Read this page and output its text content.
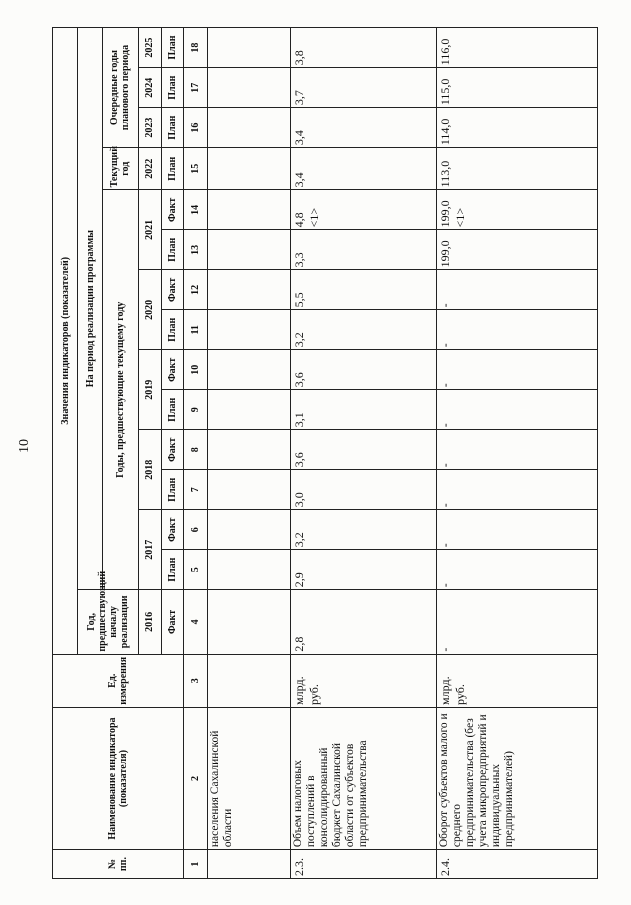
10
№ пп.	Наименование индикатора (показателя)	Ед. измерения	Значения индикаторов (показателей)														
			Год, предшествующий началу реализации	На период реализации программы													
				Годы, предшествующие текущему году										Текущий год	Очередные годы планового периода		
			2016	2017		2018		2019		2020		2021		2022	2023	2024	2025
			Факт	План	Факт	План	Факт	План	Факт	План	Факт	План	Факт	План	План	План	План
1	2	3	4	5	6	7	8	9	10	11	12	13	14	15	16	17	18
	населения Сахалинской области																
2.3.	Объем налоговых поступлений в консолидированный бюджет Сахалинской области от субъектов предпринимательства	млрд. руб.	2,8	2,9	3,2	3,0	3,6	3,1	3,6	3,2	5,5	3,3	4,8 <1>	3,4	3,4	3,7	3,8
2.4.	Оборот субъектов малого и среднего предпринимательства (без учета микропредприятий и индивидуальных предпринимателей)	млрд. руб.	-	-	-	-	-	-	-	-	-	199,0	199,0 <1>	113,0	114,0	115,0	116,0
